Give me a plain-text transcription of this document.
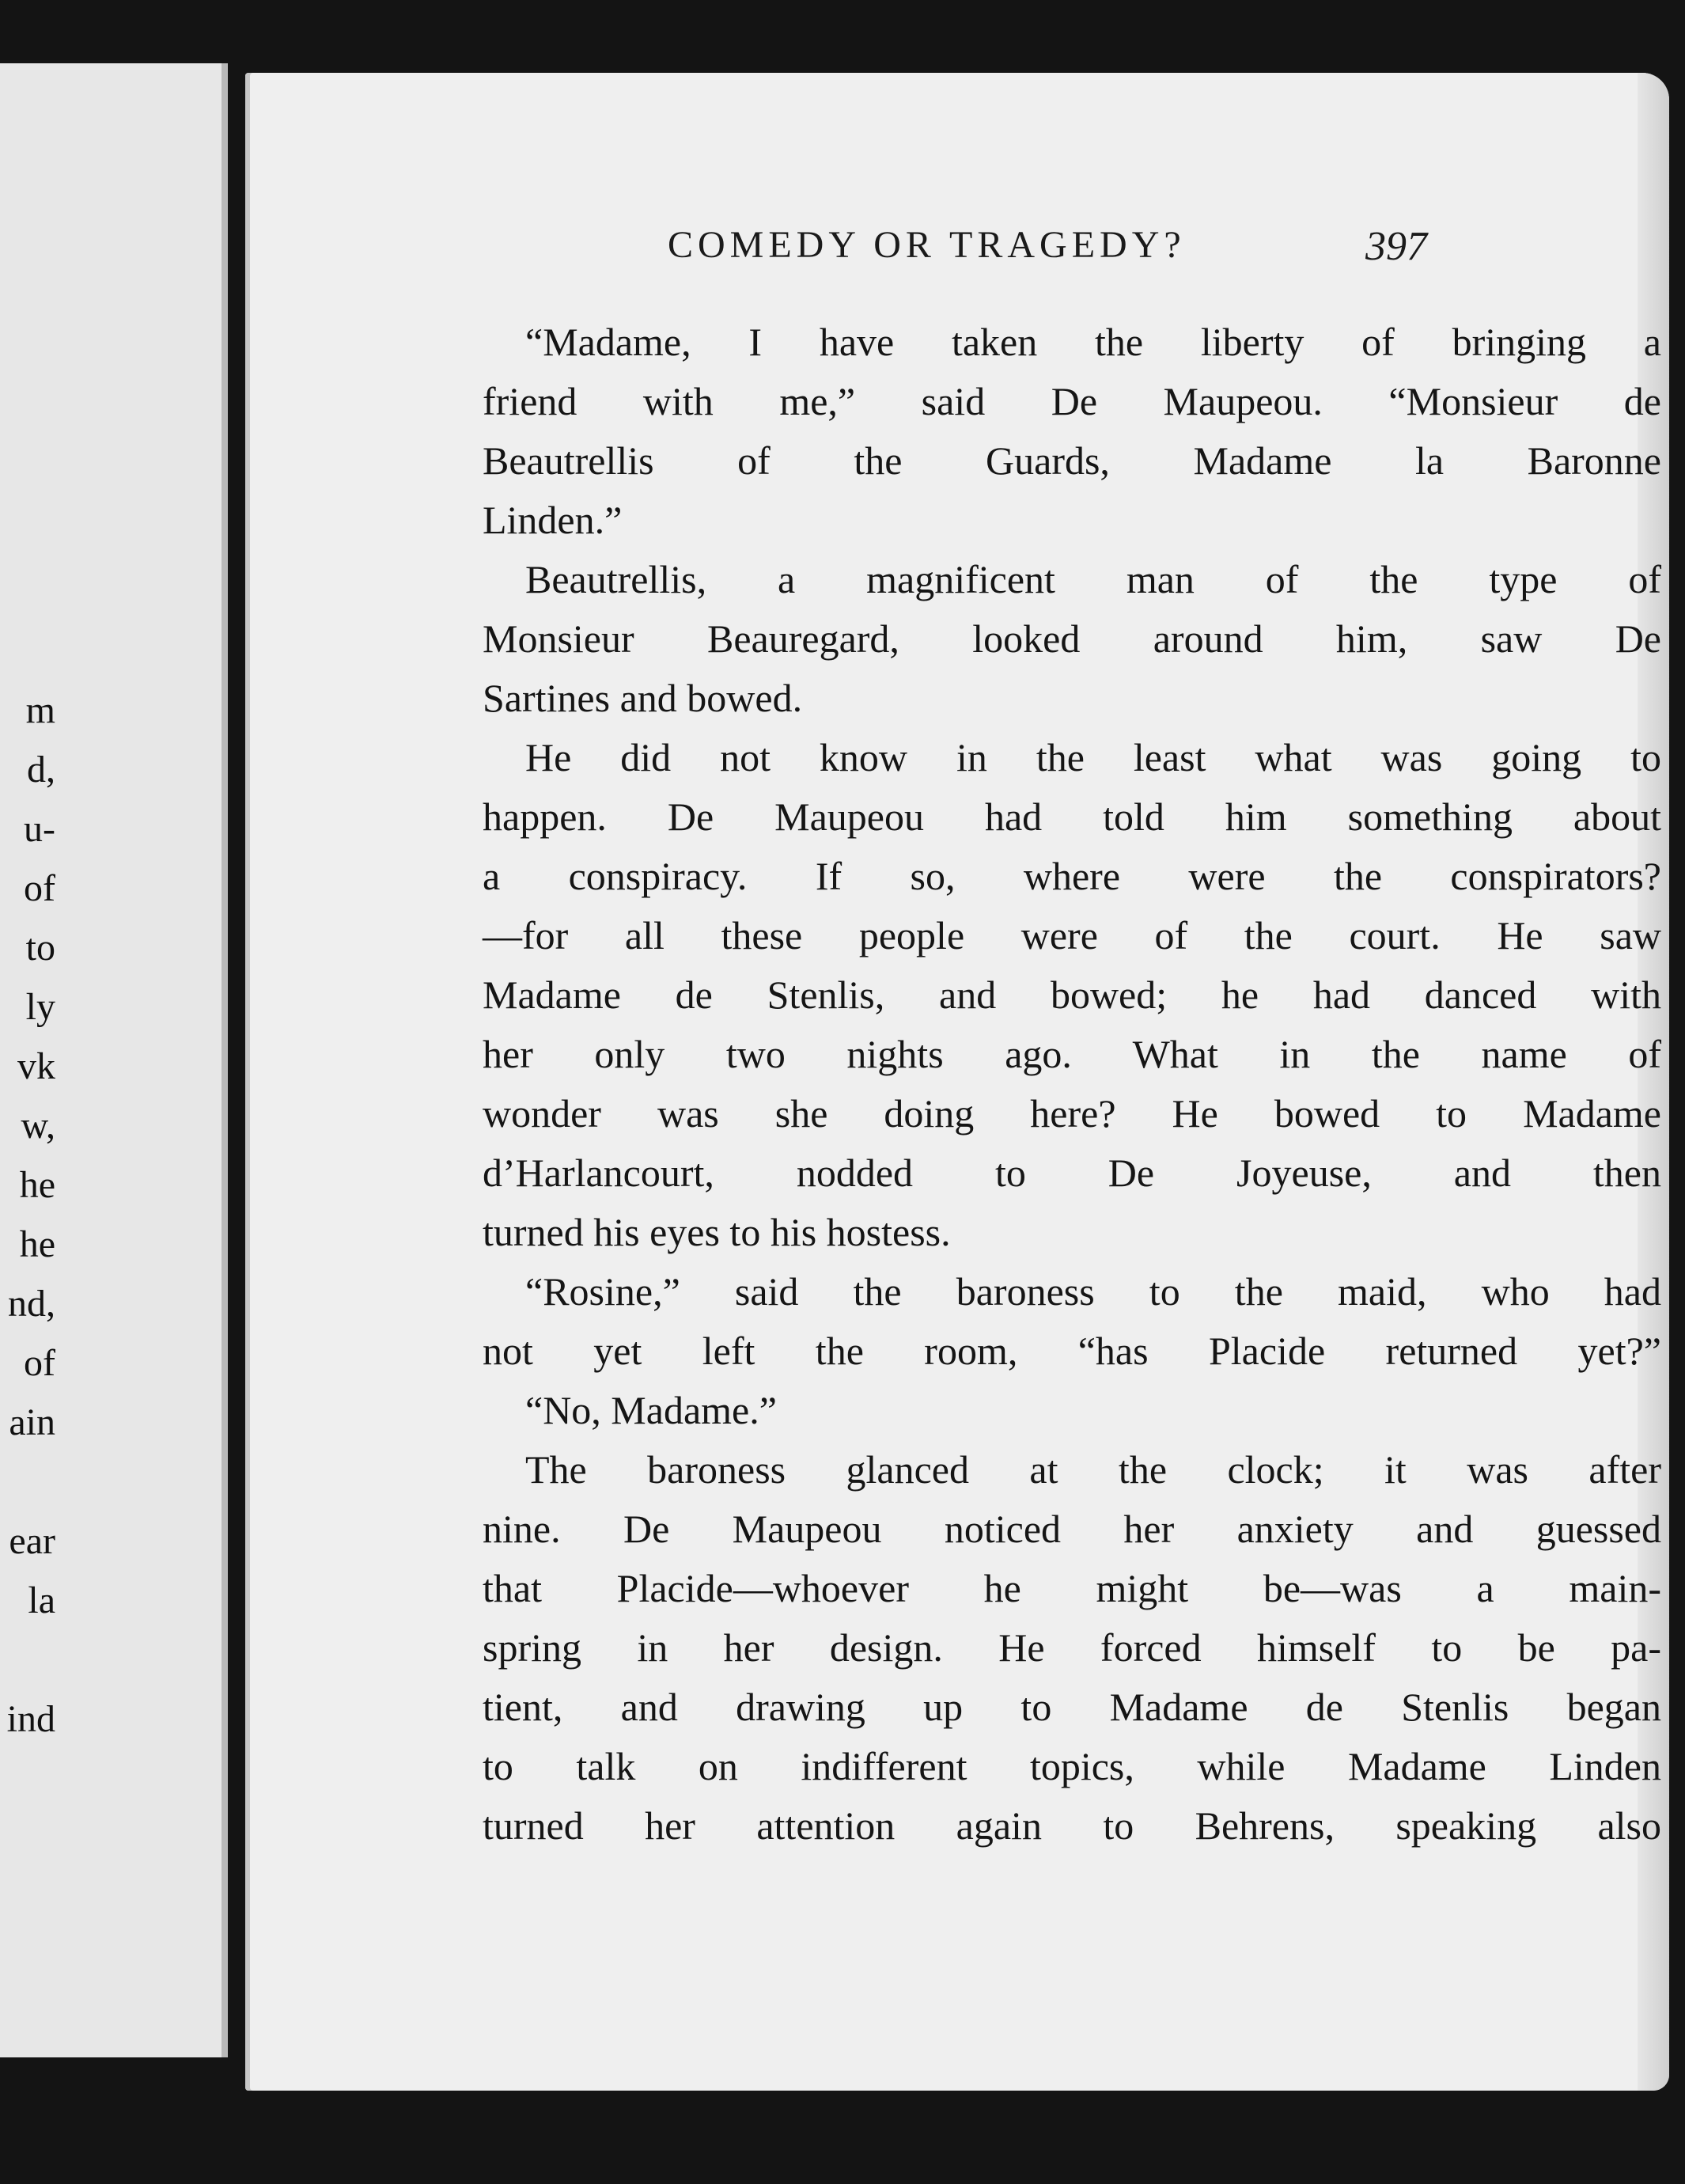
m
d,
u-
of
to
ly
vk
w,
he
he
nd,
of
ain
ear
la
ind
COMEDY OR TRAGEDY?	397
“Madame, I have taken the liberty of bringing a
friend with me,” said De Maupeou. “Monsieur de
Beautrellis of the Guards, Madame la Baronne
Linden.”
Beautrellis, a magnificent man of the type of
Monsieur Beauregard, looked around him, saw De
Sartines and bowed.
He did not know in the least what was going to
happen. De Maupeou had told him something about
a conspiracy. If so, where were the conspirators?
—for all these people were of the court. He saw
Madame de Stenlis, and bowed; he had danced with
her only two nights ago. What in the name of
wonder was she doing here? He bowed to Madame
d’Harlancourt, nodded to De Joyeuse, and then
turned his eyes to his hostess.
“Rosine,” said the baroness to the maid, who had
not yet left the room, “has Placide returned yet?”
“No, Madame.”
The baroness glanced at the clock; it was after
nine. De Maupeou noticed her anxiety and guessed
that Placide—whoever he might be—was a main-
spring in her design. He forced himself to be pa-
tient, and drawing up to Madame de Stenlis began
to talk on indifferent topics, while Madame Linden
turned her attention again to Behrens, speaking also
